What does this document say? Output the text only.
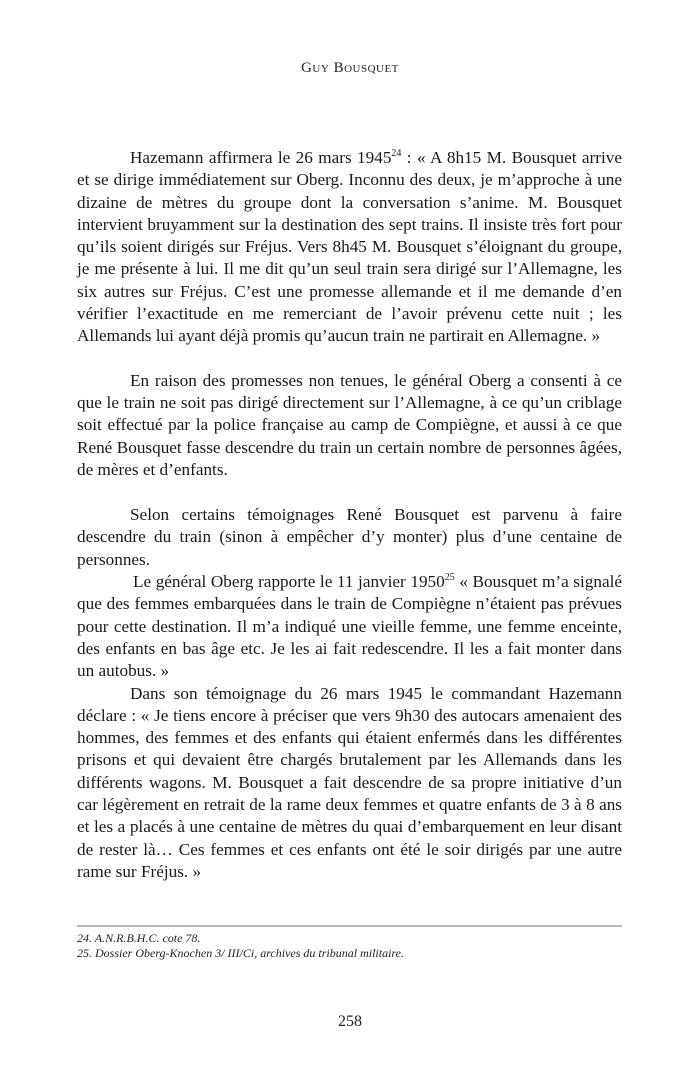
Guy Bousquet

Hazemann affirmera le 26 mars 1945$^{24}$ : « A 8h15 M. Bousquet arrive et se dirige immédiatement sur Oberg. Inconnu des deux, je m’approche à une dizaine de mètres du groupe dont la conversation s’anime. M. Bousquet intervient bruyamment sur la destination des sept trains. Il insiste très fort pour qu’ils soient dirigés sur Fréjus. Vers 8h45 M. Bousquet s’éloignant du groupe, je me présente à lui. Il me dit qu’un seul train sera dirigé sur l’Allemagne, les six autres sur Fréjus. C’est une promesse allemande et il me demande d’en vérifier l’exactitude en me remerciant de l’avoir prévenu cette nuit ; les Allemands lui ayant déjà promis qu’aucun train ne partirait en Allemagne. »

En raison des promesses non tenues, le général Oberg a consenti à ce que le train ne soit pas dirigé directement sur l’Allemagne, à ce qu’un criblage soit effectué par la police française au camp de Compiègne, et aussi à ce que René Bousquet fasse descendre du train un certain nombre de personnes âgées, de mères et d’enfants.

Selon certains témoignages René Bousquet est parvenu à faire descendre du train (sinon à empêcher d’y monter) plus d’une centaine de personnes.

Le général Oberg rapporte le 11 janvier 1950$^{25}$ « Bousquet m’a signalé que des femmes embarquées dans le train de Compiègne n’étaient pas prévues pour cette destination. Il m’a indiqué une vieille femme, une femme enceinte, des enfants en bas âge etc. Je les ai fait redescendre. Il les a fait monter dans un autobus. »

Dans son témoignage du 26 mars 1945 le commandant Hazemann déclare : « Je tiens encore à préciser que vers 9h30 des autocars amenaient des hommes, des femmes et des enfants qui étaient enfermés dans les différentes prisons et qui devaient être chargés brutalement par les Allemands dans les différents wagons. M. Bousquet a fait descendre de sa propre initiative d’un car légèrement en retrait de la rame deux femmes et quatre enfants de 3 à 8 ans et les a placés à une centaine de mètres du quai d’embarquement en leur disant de rester là… Ces femmes et ces enfants ont été le soir dirigés par une autre rame sur Fréjus. »

24. A.N.R.B.H.C. cote 78.
25. Dossier Oberg-Knochen 3/ III/Ci, archives du tribunal militaire.
258
